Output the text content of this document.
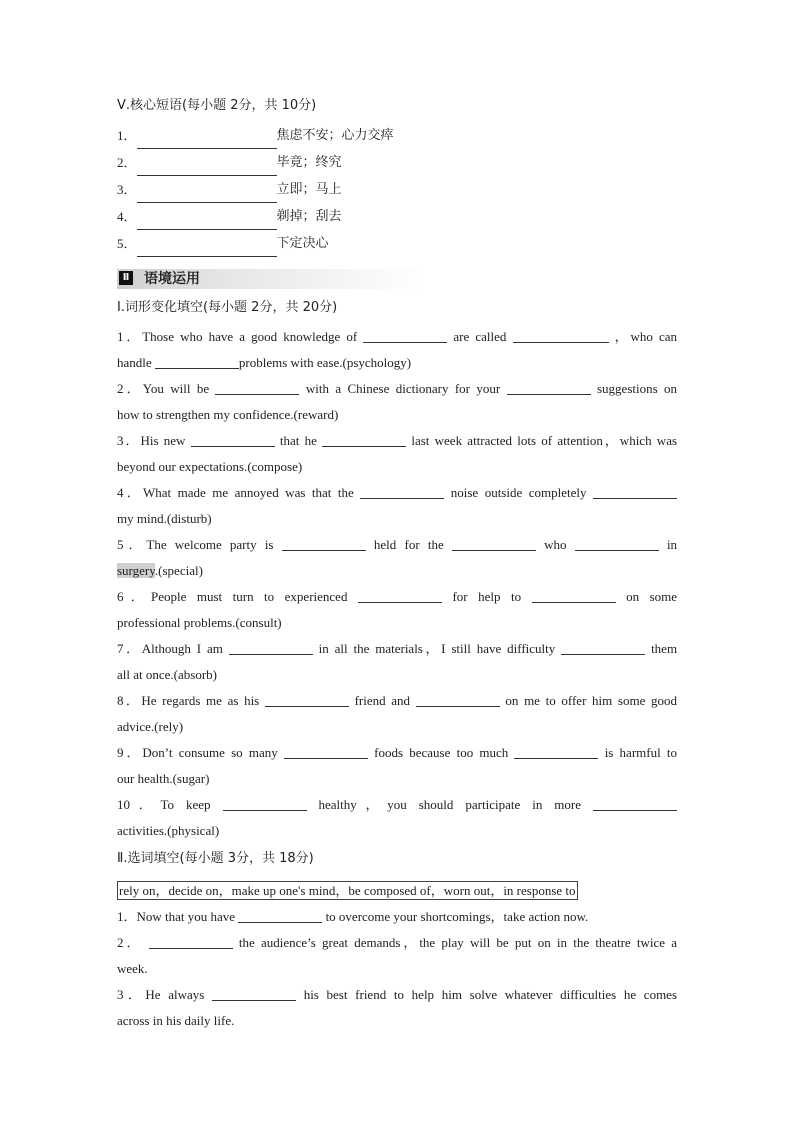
Ⅴ.核心短语(每小题 2分，共 10分)
1．	焦虑不安；心力交瘁
2．	毕竟；终究
3．	立即；马上
4．	剃掉；刮去
5．	下定决心
Ⅱ 语境运用
Ⅰ.词形变化填空(每小题 2分，共 20分)
1．Those who have a good knowledge of	are called	，who can
handle	problems with ease.(psychology)
2．You will be	with a Chinese dictionary for your	suggestions on
how to strengthen my confidence.(reward)
3．His new	that he	last week attracted lots of attention，which was
beyond our expectations.(compose)
4．What made me annoyed was that the	noise outside completely
my mind.(disturb)
5．The welcome party is	held for the	who	in
surgery.(special)
6．People must turn to experienced	for help to	on some
professional problems.(consult)
7．Although I am	in all the materials，I still have difficulty	them
all at once.(absorb)
8．He regards me as his	friend and	on me to offer him some good
advice.(rely)
9．Don’t consume so many	foods because too much	is harmful to
our health.(sugar)
10．To keep	healthy，you should participate in more
activities.(physical)
Ⅱ.选词填空(每小题 3分，共 18分)
rely on，decide on，make up one's mind，be composed of，worn out，in response to
1．Now that you have	to overcome your shortcomings，take action now.
2．	the audience’s great demands，the play will be put on in the theatre twice a
week.
3．He always	his best friend to help him solve whatever difficulties he comes
across in his daily life.
